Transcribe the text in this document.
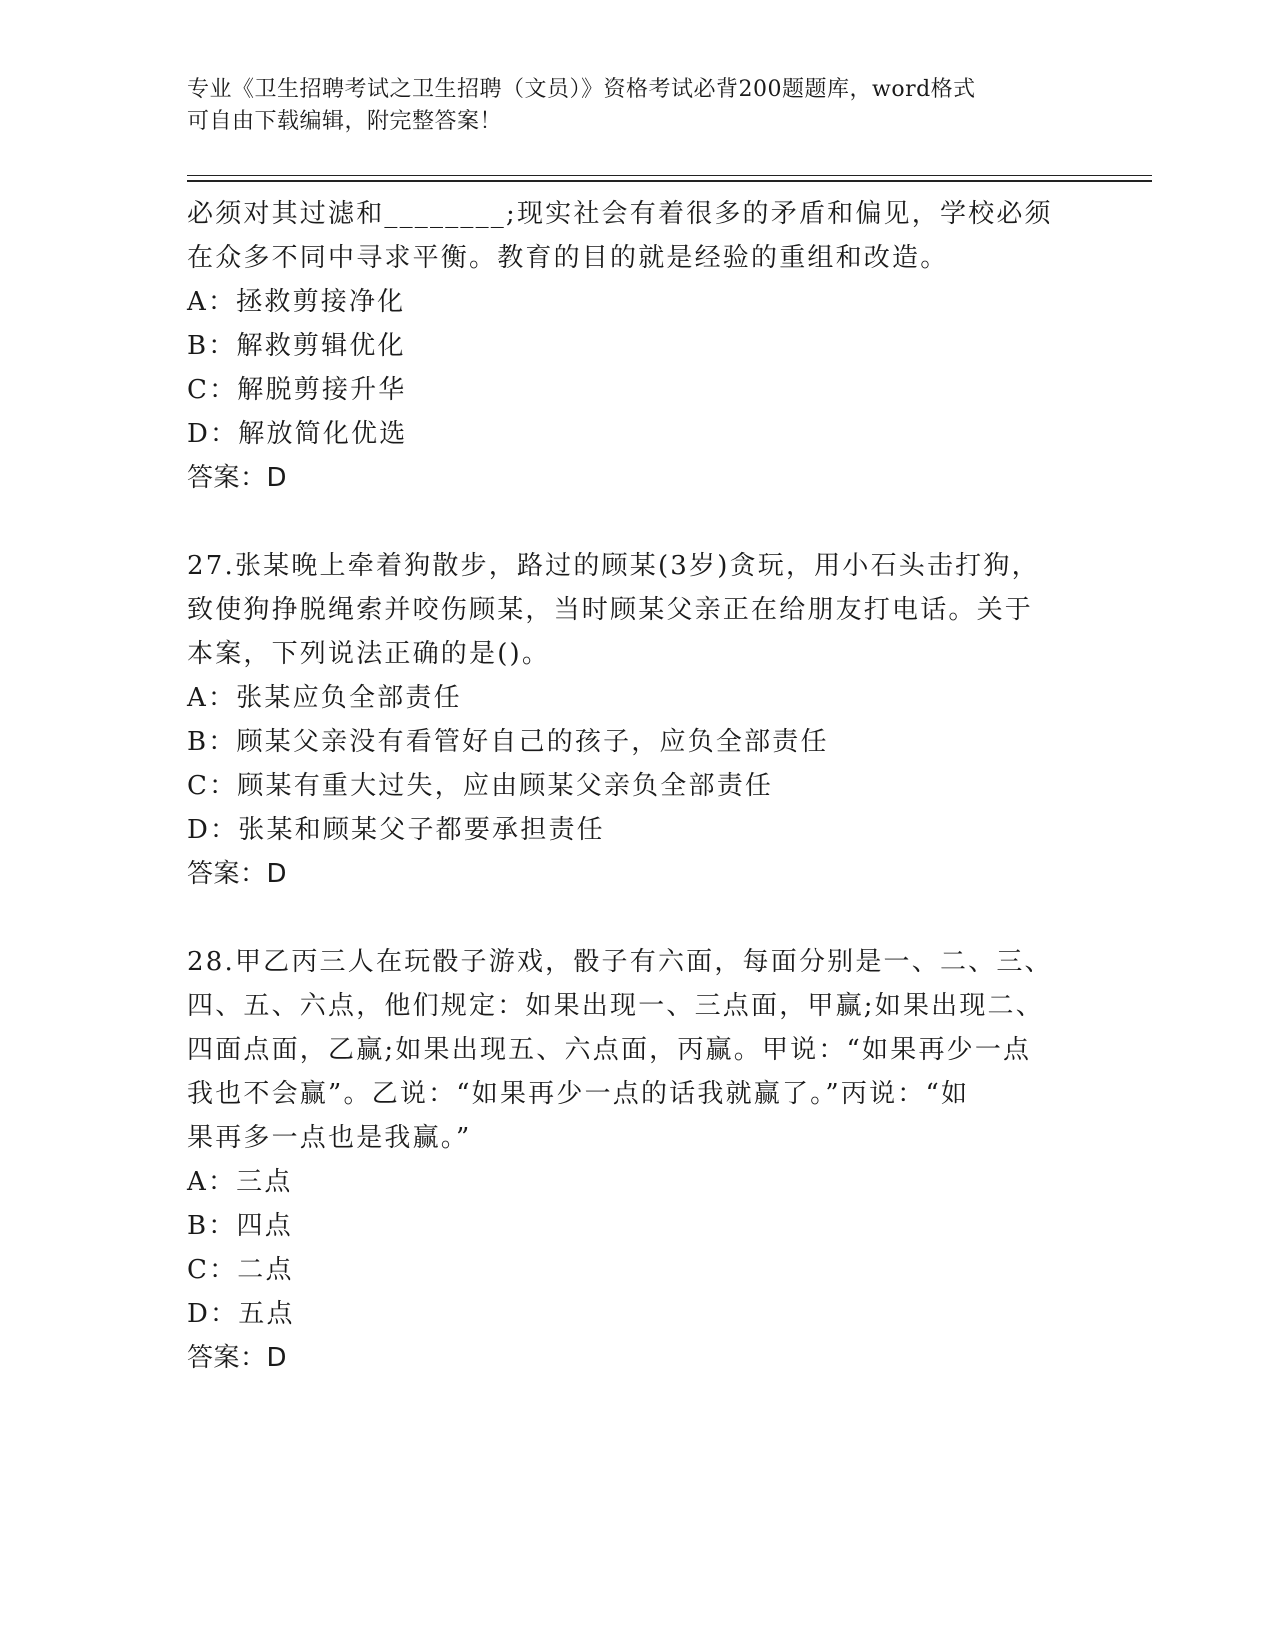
专业《卫生招聘考试之卫生招聘（文员）》资格考试必背200题题库，word格式
可自由下载编辑，附完整答案！

必须对其过滤和________;现实社会有着很多的矛盾和偏见，学校必须

在众多不同中寻求平衡。教育的目的就是经验的重组和改造。

A：拯救剪接净化

B：解救剪辑优化

C：解脱剪接升华

D：解放简化优选

答案：D

27.张某晚上牵着狗散步，路过的顾某(3岁)贪玩，用小石头击打狗，

致使狗挣脱绳索并咬伤顾某，当时顾某父亲正在给朋友打电话。关于

本案，下列说法正确的是()。

A：张某应负全部责任

B：顾某父亲没有看管好自己的孩子，应负全部责任

C：顾某有重大过失，应由顾某父亲负全部责任

D：张某和顾某父子都要承担责任

答案：D

28.甲乙丙三人在玩骰子游戏，骰子有六面，每面分别是一、二、三、

四、五、六点，他们规定：如果出现一、三点面，甲赢;如果出现二、

四面点面，乙赢;如果出现五、六点面，丙赢。甲说：“如果再少一点

我也不会赢”。乙说：“如果再少一点的话我就赢了。”丙说：“如

果再多一点也是我赢。”

A：三点

B：四点

C：二点

D：五点

答案：D
